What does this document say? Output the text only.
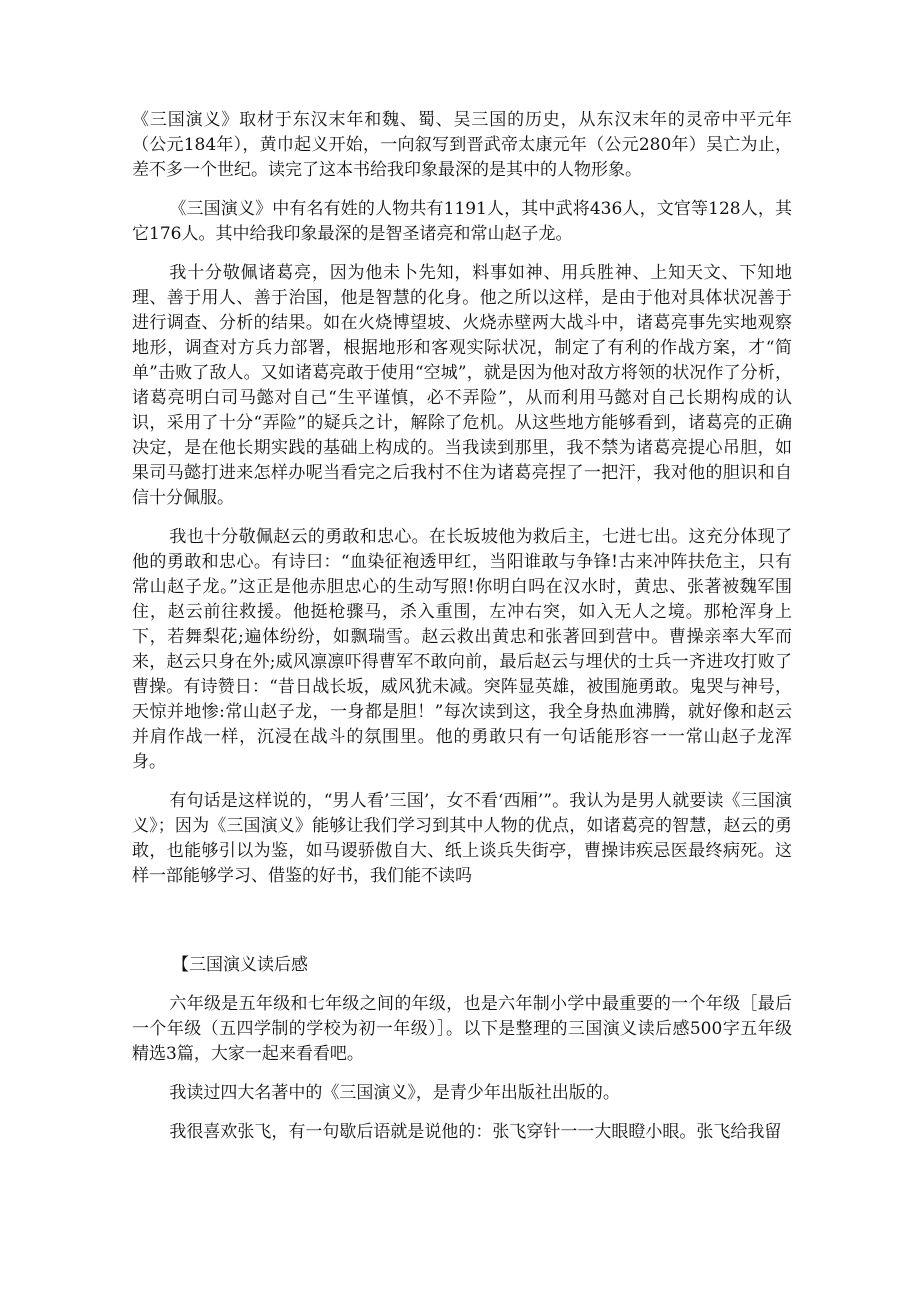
《三国演义》取材于东汉末年和魏、蜀、吴三国的历史，从东汉末年的灵帝中平元年（公元184年），黄巾起义开始，一向叙写到晋武帝太康元年（公元280年）吴亡为止，差不多一个世纪。读完了这本书给我印象最深的是其中的人物形象。

《三国演义》中有名有姓的人物共有1191人，其中武将436人，文官等128人，其它176人。其中给我印象最深的是智圣诸亮和常山赵子龙。

我十分敬佩诸葛亮，因为他未卜先知，料事如神、用兵胜神、上知天文、下知地理、善于用人、善于治国，他是智慧的化身。他之所以这样，是由于他对具体状况善于进行调查、分析的结果。如在火烧博望坡、火烧赤壁两大战斗中，诸葛亮事先实地观察地形，调查对方兵力部署，根据地形和客观实际状况，制定了有利的作战方案，才“简单”击败了敌人。又如诸葛亮敢于使用“空城”，就是因为他对敌方将领的状况作了分析，诸葛亮明白司马懿对自己“生平谨慎，必不弄险”，从而利用马懿对自己长期构成的认识，采用了十分“弄险”的疑兵之计，解除了危机。从这些地方能够看到，诸葛亮的正确决定，是在他长期实践的基础上构成的。当我读到那里，我不禁为诸葛亮提心吊胆，如果司马懿打进来怎样办呢当看完之后我村不住为诸葛亮捏了一把汗，我对他的胆识和自信十分佩服。

我也十分敬佩赵云的勇敢和忠心。在长坂坡他为救后主，七进七出。这充分体现了他的勇敢和忠心。有诗曰：“血染征袍透甲红，当阳谁敢与争锋!古来冲阵扶危主，只有常山赵子龙。”这正是他赤胆忠心的生动写照!你明白吗在汉水时，黄忠、张著被魏军围住，赵云前往救援。他挺枪骤马，杀入重围，左冲右突，如入无人之境。那枪浑身上下，若舞梨花;遍体纷纷，如飘瑞雪。赵云救出黄忠和张著回到营中。曹操亲率大军而来，赵云只身在外;威风凛凛吓得曹军不敢向前，最后赵云与埋伏的士兵一齐进攻打败了曹操。有诗赞日：“昔日战长坂，威风犹未减。突阵显英雄，被围施勇敢。鬼哭与神号，天惊并地惨:常山赵子龙，一身都是胆！”每次读到这，我全身热血沸腾，就好像和赵云并肩作战一样，沉浸在战斗的氛围里。他的勇敢只有一句话能形容一一常山赵子龙浑身。

有句话是这样说的，“男人看’三国’，女不看‘西厢’”。我认为是男人就要读《三国演义》；因为《三国演义》能够让我们学习到其中人物的优点，如诸葛亮的智慧，赵云的勇敢，也能够引以为鉴，如马谡骄傲自大、纸上谈兵失街亭，曹操讳疾忌医最终病死。这样一部能够学习、借鉴的好书，我们能不读吗

【三国演义读后感

六年级是五年级和七年级之间的年级，也是六年制小学中最重要的一个年级［最后一个年级（五四学制的学校为初一年级）］。以下是整理的三国演义读后感500字五年级精选3篇，大家一起来看看吧。

我读过四大名著中的《三国演义》，是青少年出版社出版的。

我很喜欢张飞，有一句歇后语就是说他的：张飞穿针一一大眼瞪小眼。张飞给我留
